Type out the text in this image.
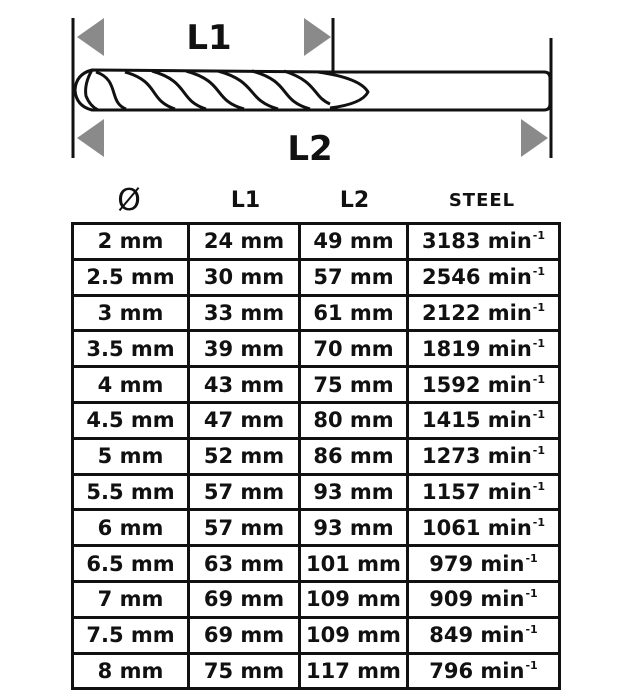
L1
L2
Ø	L1	L2	STEEL
2 mm	24 mm	49 mm	3183 $\min^{-1}$
2.5 mm	30 mm	57 mm	2546 $\min^{-1}$
3 mm	33 mm	61 mm	2122 $\min^{-1}$
3.5 mm	39 mm	70 mm	1819 $\min^{-1}$
4 mm	43 mm	75 mm	1592 $\min^{-1}$
4.5 mm	47 mm	80 mm	1415 $\min^{-1}$
5 mm	52 mm	86 mm	1273 $\min^{-1}$
5.5 mm	57 mm	93 mm	1157 $\min^{-1}$
6 mm	57 mm	93 mm	1061 $\min^{-1}$
6.5 mm	63 mm	101 mm	979 $\min^{-1}$
7 mm	69 mm	109 mm	909 $\min^{-1}$
7.5 mm	69 mm	109 mm	849 $\min^{-1}$
8 mm	75 mm	117 mm	796 $\min^{-1}$
